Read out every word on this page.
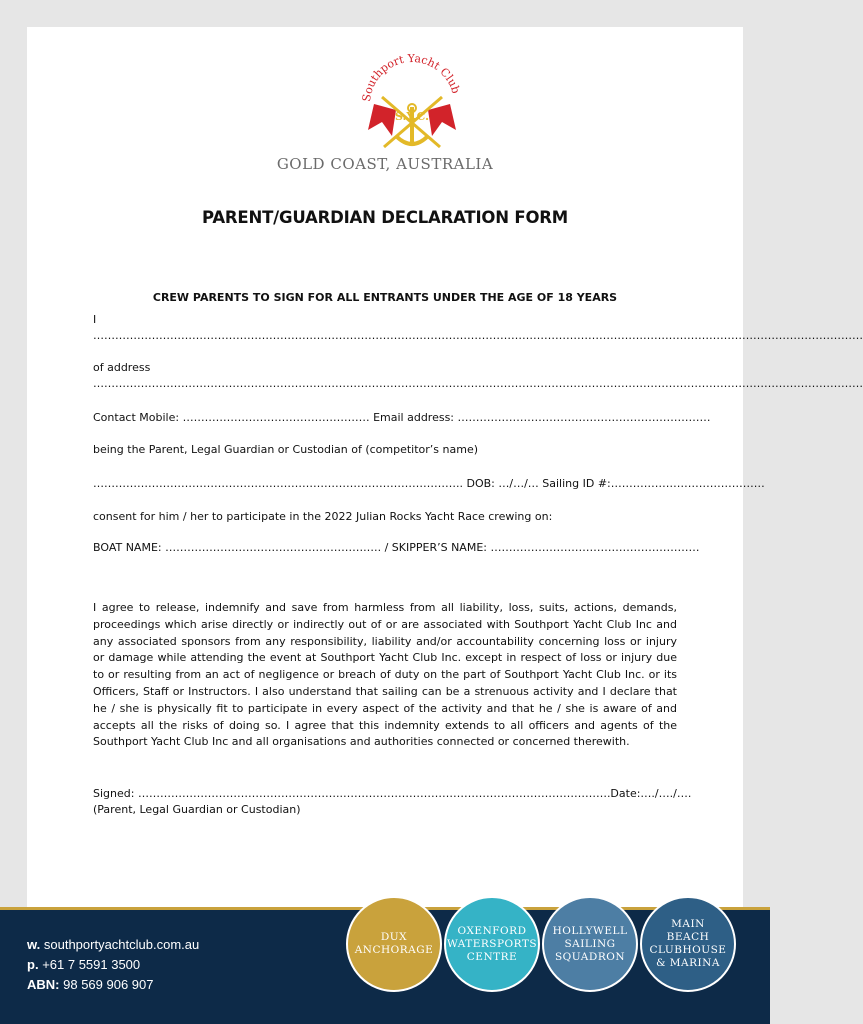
Southport Yacht Club
S.Y.C.
GOLD COAST, AUSTRALIA
PARENT/GUARDIAN DECLARATION FORM
CREW PARENTS TO SIGN FOR ALL ENTRANTS UNDER THE AGE OF 18 YEARS
I
…………………………………………………………………………………………………………………………………………………………………………………………
of address
…………………………………………………………………………………………………………………………………………………………………………………………
Contact Mobile: …………………………………………… Email address: ……………………………………………………………
being the Parent, Legal Guardian or Custodian of (competitor’s name)
……………………………………………………………………………………….. DOB: …/…/… Sailing ID #:……………………………………
consent for him / her to participate in the 2022 Julian Rocks Yacht Race crewing on:
BOAT NAME: ……………………………………………….…. / SKIPPER’S NAME: …………………………………………………
I agree to release, indemnify and save from harmless from all liability, loss, suits, actions, demands, proceedings which arise directly or indirectly out of or are associated with Southport Yacht Club Inc and any associated sponsors from any responsibility, liability and/or accountability concerning loss or injury or damage while attending the event at Southport Yacht Club Inc. except in respect of loss or injury due to or resulting from an act of negligence or breach of duty on the part of Southport Yacht Club Inc. or its Officers, Staff or Instructors. I also understand that sailing can be a strenuous activity and I declare that he / she is physically fit to participate in every aspect of the activity and that he / she is aware of and accepts all the risks of doing so. I agree that this indemnity extends to all officers and agents of the Southport Yacht Club Inc and all organisations and authorities connected or concerned therewith.
Signed: ………………………………………………..……………………………………………………………….Date:…./…./….
(Parent, Legal Guardian or Custodian)
w. southportyachtclub.com.au
p. +61 7 5591 3500
ABN: 98 569 906 907
DUX
ANCHORAGE
OXENFORD
WATERSPORTS
CENTRE
HOLLYWELL
SAILING
SQUADRON
MAIN BEACH
CLUBHOUSE
& MARINA
